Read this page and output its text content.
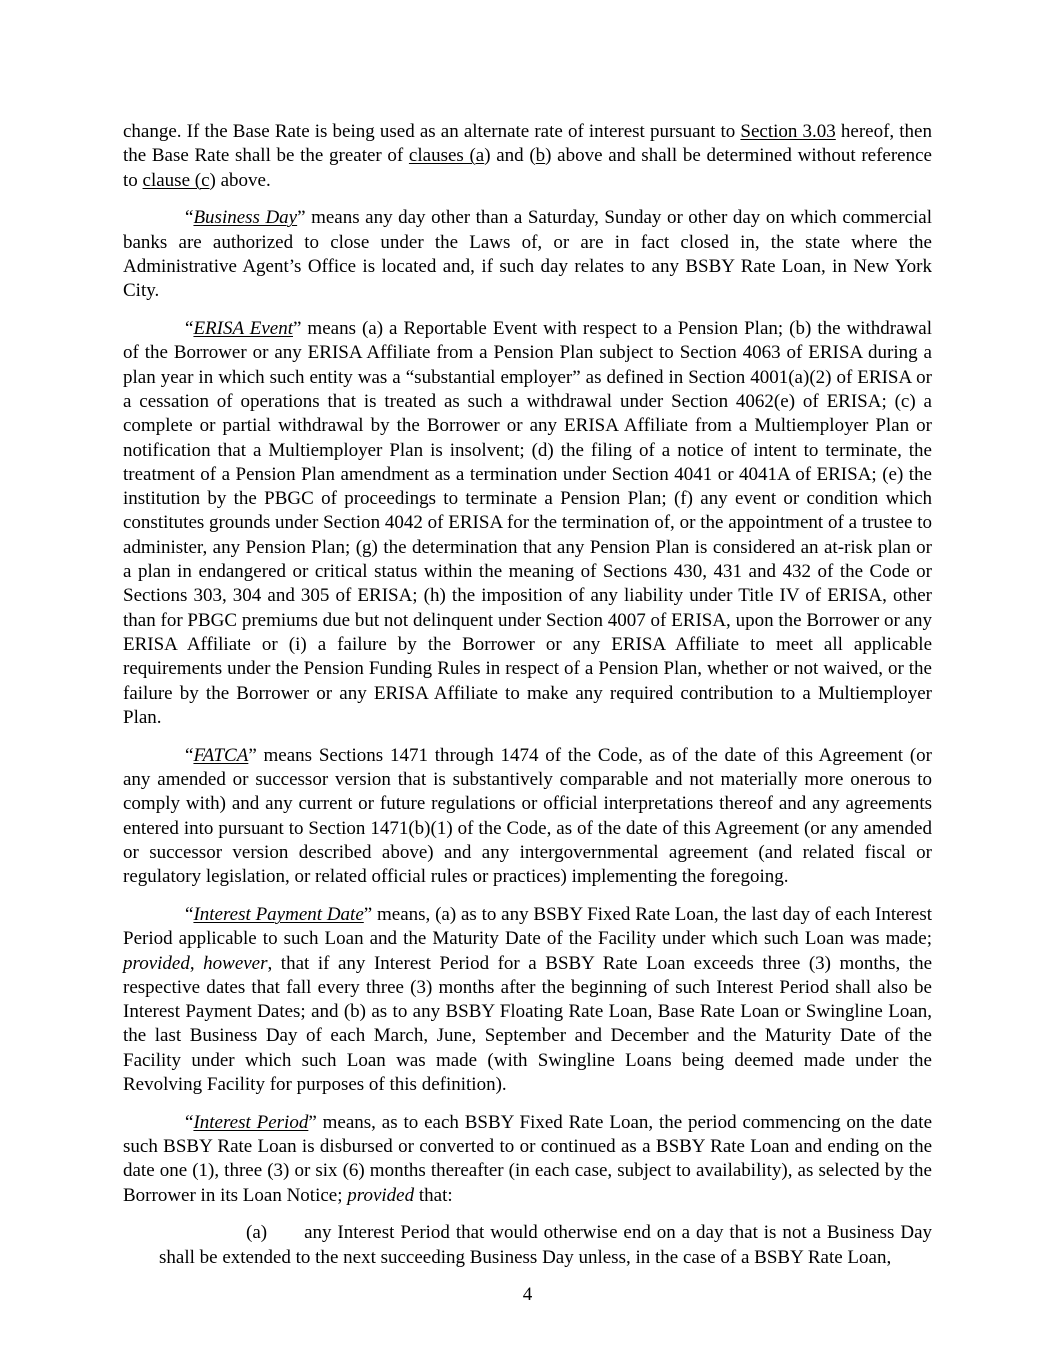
change. If the Base Rate is being used as an alternate rate of interest pursuant to Section 3.03 hereof, then the Base Rate shall be the greater of clauses (a) and (b) above and shall be determined without reference to clause (c) above.

“Business Day” means any day other than a Saturday, Sunday or other day on which commercial banks are authorized to close under the Laws of, or are in fact closed in, the state where the Administrative Agent’s Office is located and, if such day relates to any BSBY Rate Loan, in New York City.

“ERISA Event” means (a) a Reportable Event with respect to a Pension Plan; (b) the withdrawal of the Borrower or any ERISA Affiliate from a Pension Plan subject to Section 4063 of ERISA during a plan year in which such entity was a “substantial employer” as defined in Section 4001(a)(2) of ERISA or a cessation of operations that is treated as such a withdrawal under Section 4062(e) of ERISA; (c) a complete or partial withdrawal by the Borrower or any ERISA Affiliate from a Multiemployer Plan or notification that a Multiemployer Plan is insolvent; (d) the filing of a notice of intent to terminate, the treatment of a Pension Plan amendment as a termination under Section 4041 or 4041A of ERISA; (e) the institution by the PBGC of proceedings to terminate a Pension Plan; (f) any event or condition which constitutes grounds under Section 4042 of ERISA for the termination of, or the appointment of a trustee to administer, any Pension Plan; (g) the determination that any Pension Plan is considered an at-risk plan or a plan in endangered or critical status within the meaning of Sections 430, 431 and 432 of the Code or Sections 303, 304 and 305 of ERISA; (h) the imposition of any liability under Title IV of ERISA, other than for PBGC premiums due but not delinquent under Section 4007 of ERISA, upon the Borrower or any ERISA Affiliate or (i) a failure by the Borrower or any ERISA Affiliate to meet all applicable requirements under the Pension Funding Rules in respect of a Pension Plan, whether or not waived, or the failure by the Borrower or any ERISA Affiliate to make any required contribution to a Multiemployer Plan.

“FATCA” means Sections 1471 through 1474 of the Code, as of the date of this Agreement (or any amended or successor version that is substantively comparable and not materially more onerous to comply with) and any current or future regulations or official interpretations thereof and any agreements entered into pursuant to Section 1471(b)(1) of the Code, as of the date of this Agreement (or any amended or successor version described above) and any intergovernmental agreement (and related fiscal or regulatory legislation, or related official rules or practices) implementing the foregoing.

“Interest Payment Date” means, (a) as to any BSBY Fixed Rate Loan, the last day of each Interest Period applicable to such Loan and the Maturity Date of the Facility under which such Loan was made; provided, however, that if any Interest Period for a BSBY Rate Loan exceeds three (3) months, the respective dates that fall every three (3) months after the beginning of such Interest Period shall also be Interest Payment Dates; and (b) as to any BSBY Floating Rate Loan, Base Rate Loan or Swingline Loan, the last Business Day of each March, June, September and December and the Maturity Date of the Facility under which such Loan was made (with Swingline Loans being deemed made under the Revolving Facility for purposes of this definition).

“Interest Period” means, as to each BSBY Fixed Rate Loan, the period commencing on the date such BSBY Rate Loan is disbursed or converted to or continued as a BSBY Rate Loan and ending on the date one (1), three (3) or six (6) months thereafter (in each case, subject to availability), as selected by the Borrower in its Loan Notice; provided that:

(a) any Interest Period that would otherwise end on a day that is not a Business Day shall be extended to the next succeeding Business Day unless, in the case of a BSBY Rate Loan,

4
